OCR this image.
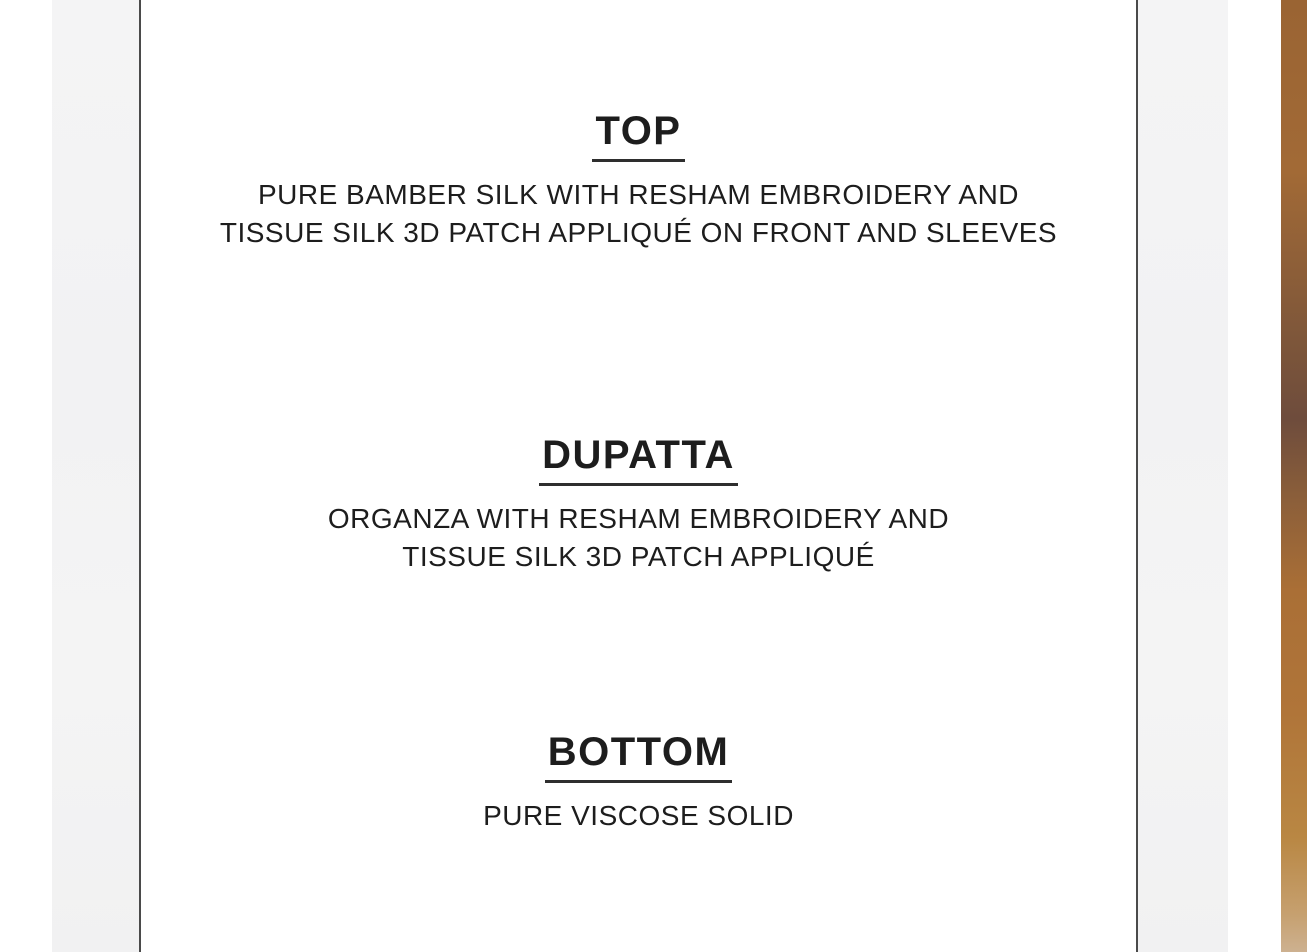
TOP

PURE BAMBER SILK WITH RESHAM EMBROIDERY AND

TISSUE SILK 3D PATCH APPLIQUÉ ON FRONT AND SLEEVES

DUPATTA

ORGANZA WITH RESHAM EMBROIDERY AND

TISSUE SILK 3D PATCH APPLIQUÉ

BOTTOM

PURE VISCOSE SOLID
